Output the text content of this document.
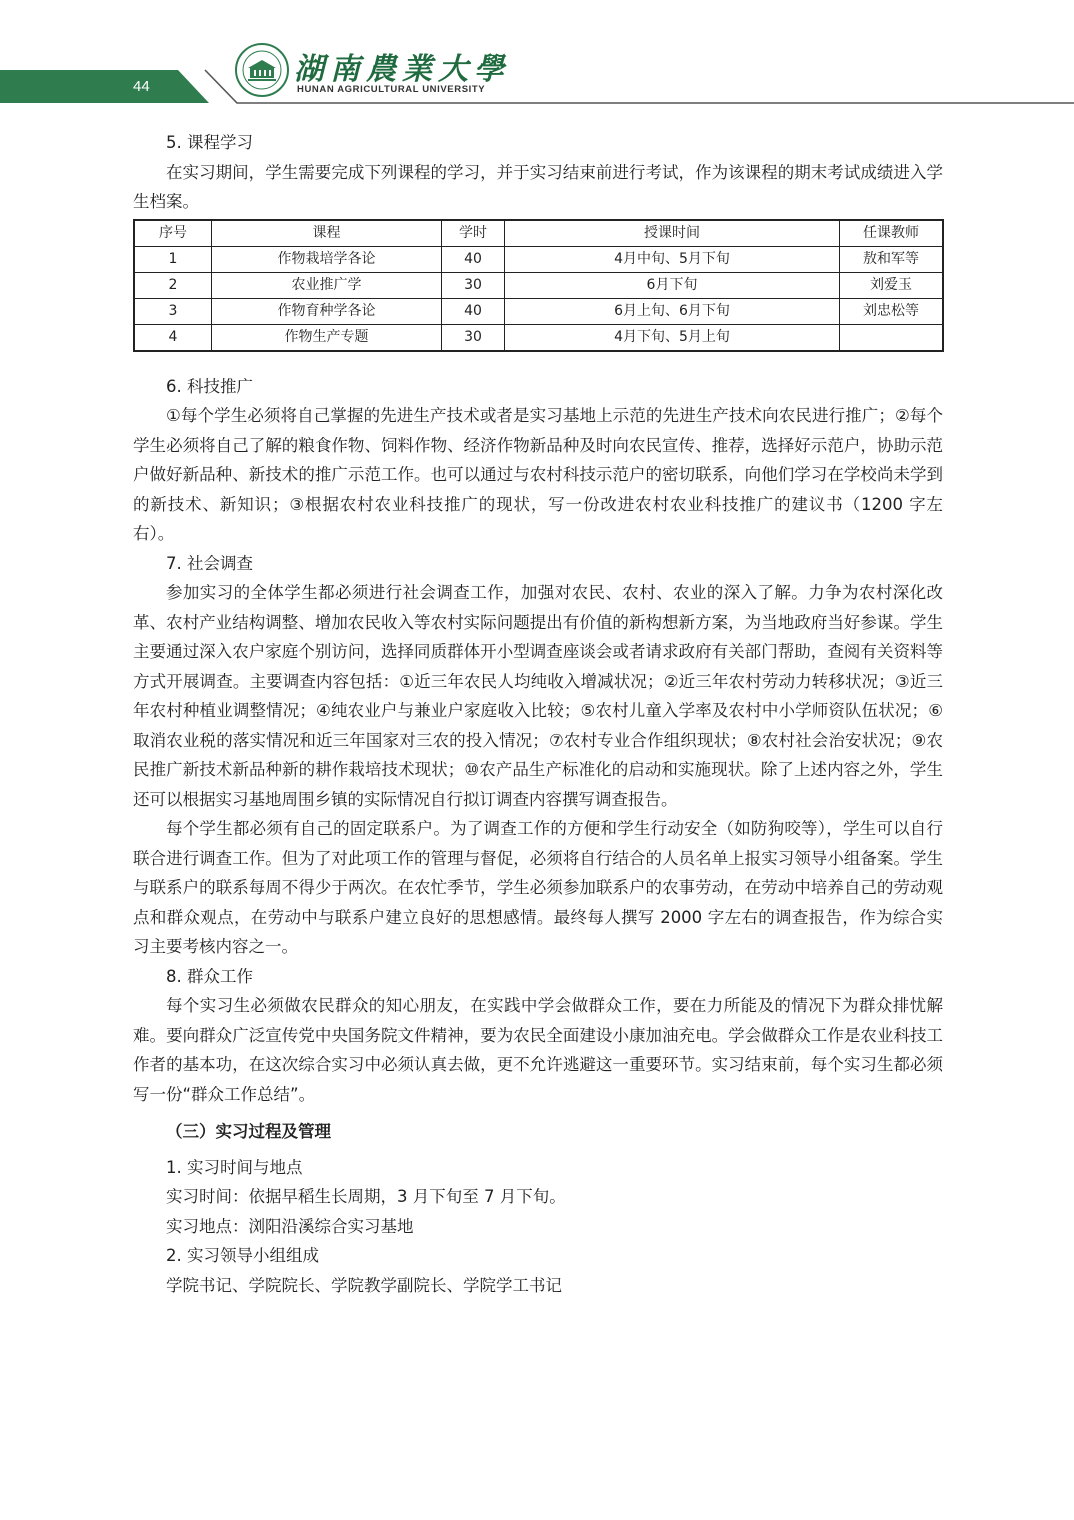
44	湖南農業大學
HUNAN AGRICULTURAL UNIVERSITY

5. 课程学习

在实习期间，学生需要完成下列课程的学习，并于实习结束前进行考试，作为该课程的期末考试成绩进入学生档案。

序号	课程	学时	授课时间	任课教师
1	作物栽培学各论	40	4月中旬、5月下旬	敖和军等
2	农业推广学	30	6月下旬	刘爱玉
3	作物育种学各论	40	6月上旬、6月下旬	刘忠松等
4	作物生产专题	30	4月下旬、5月上旬	

6. 科技推广

①每个学生必须将自己掌握的先进生产技术或者是实习基地上示范的先进生产技术向农民进行推广；②每个学生必须将自己了解的粮食作物、饲料作物、经济作物新品种及时向农民宣传、推荐，选择好示范户，协助示范户做好新品种、新技术的推广示范工作。也可以通过与农村科技示范户的密切联系，向他们学习在学校尚未学到的新技术、新知识；③根据农村农业科技推广的现状，写一份改进农村农业科技推广的建议书（1200 字左右）。

7. 社会调查

参加实习的全体学生都必须进行社会调查工作，加强对农民、农村、农业的深入了解。力争为农村深化改革、农村产业结构调整、增加农民收入等农村实际问题提出有价值的新构想新方案，为当地政府当好参谋。学生主要通过深入农户家庭个别访问，选择同质群体开小型调查座谈会或者请求政府有关部门帮助，查阅有关资料等方式开展调查。主要调查内容包括：①近三年农民人均纯收入增减状况；②近三年农村劳动力转移状况；③近三年农村种植业调整情况；④纯农业户与兼业户家庭收入比较；⑤农村儿童入学率及农村中小学师资队伍状况；⑥取消农业税的落实情况和近三年国家对三农的投入情况；⑦农村专业合作组织现状；⑧农村社会治安状况；⑨农民推广新技术新品种新的耕作栽培技术现状；⑩农产品生产标准化的启动和实施现状。除了上述内容之外，学生还可以根据实习基地周围乡镇的实际情况自行拟订调查内容撰写调查报告。

每个学生都必须有自己的固定联系户。为了调查工作的方便和学生行动安全（如防狗咬等），学生可以自行联合进行调查工作。但为了对此项工作的管理与督促，必须将自行结合的人员名单上报实习领导小组备案。学生与联系户的联系每周不得少于两次。在农忙季节，学生必须参加联系户的农事劳动，在劳动中培养自己的劳动观点和群众观点，在劳动中与联系户建立良好的思想感情。最终每人撰写 2000 字左右的调查报告，作为综合实习主要考核内容之一。

8. 群众工作

每个实习生必须做农民群众的知心朋友，在实践中学会做群众工作，要在力所能及的情况下为群众排忧解难。要向群众广泛宣传党中央国务院文件精神，要为农民全面建设小康加油充电。学会做群众工作是农业科技工作者的基本功，在这次综合实习中必须认真去做，更不允许逃避这一重要环节。实习结束前，每个实习生都必须写一份“群众工作总结”。

（三）实习过程及管理

1. 实习时间与地点

实习时间：依据早稻生长周期，3 月下旬至 7 月下旬。

实习地点：浏阳沿溪综合实习基地

2. 实习领导小组组成

学院书记、学院院长、学院教学副院长、学院学工书记
